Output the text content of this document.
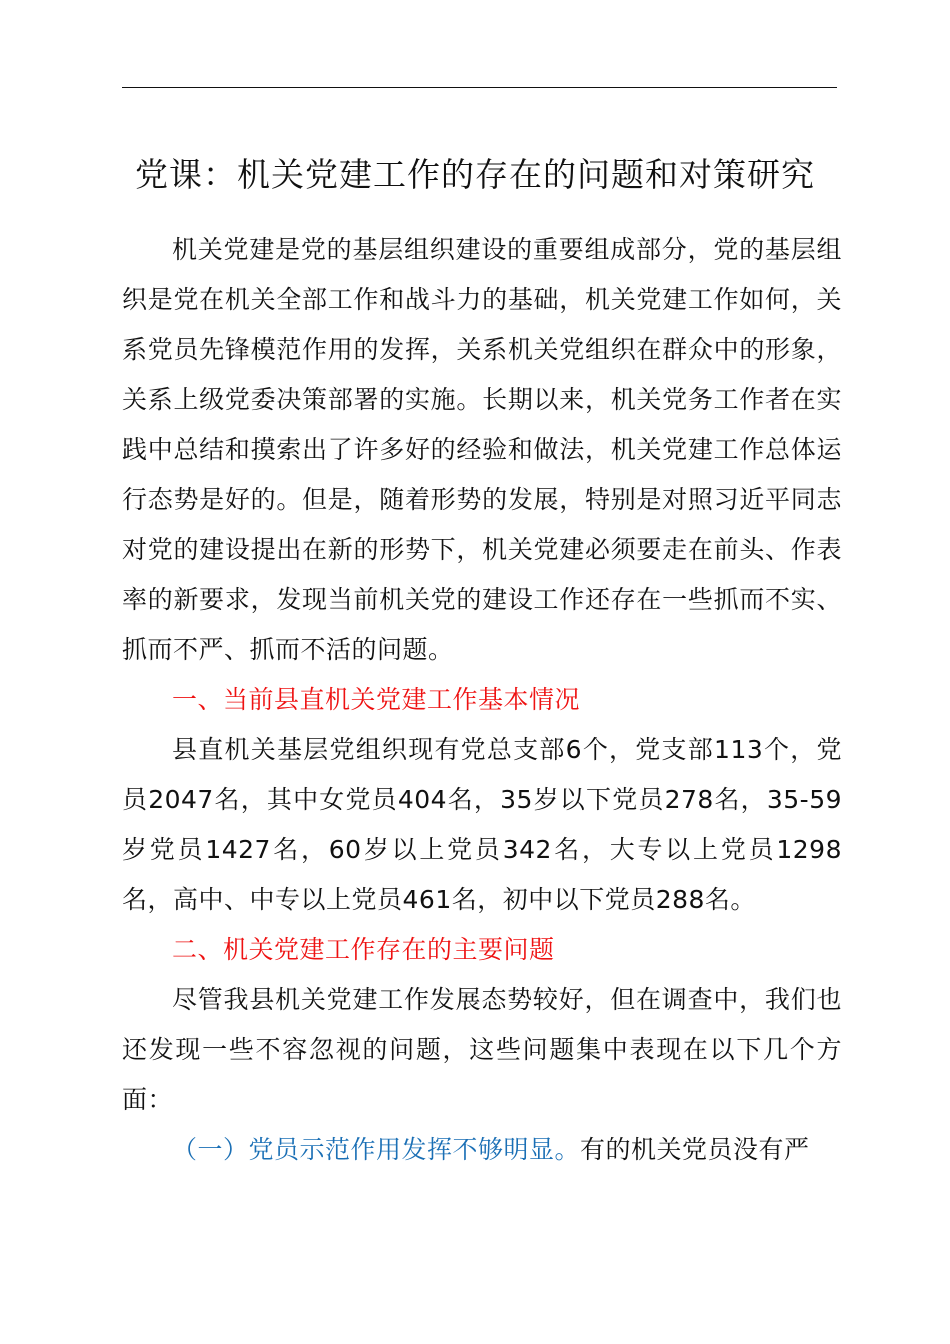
党课：机关党建工作的存在的问题和对策研究

机关党建是党的基层组织建设的重要组成部分，党的基层组织是党在机关全部工作和战斗力的基础，机关党建工作如何，关系党员先锋模范作用的发挥，关系机关党组织在群众中的形象，关系上级党委决策部署的实施。长期以来，机关党务工作者在实践中总结和摸索出了许多好的经验和做法，机关党建工作总体运行态势是好的。但是，随着形势的发展，特别是对照习近平同志对党的建设提出在新的形势下，机关党建必须要走在前头、作表率的新要求，发现当前机关党的建设工作还存在一些抓而不实、抓而不严、抓而不活的问题。

一、当前县直机关党建工作基本情况

县直机关基层党组织现有党总支部6个，党支部113个，党员2047名，其中女党员404名，35岁以下党员278名，35-59岁党员1427名，60岁以上党员342名，大专以上党员1298名，高中、中专以上党员461名，初中以下党员288名。

二、机关党建工作存在的主要问题

尽管我县机关党建工作发展态势较好，但在调查中，我们也还发现一些不容忽视的问题，这些问题集中表现在以下几个方面：

（一）党员示范作用发挥不够明显。有的机关党员没有严
